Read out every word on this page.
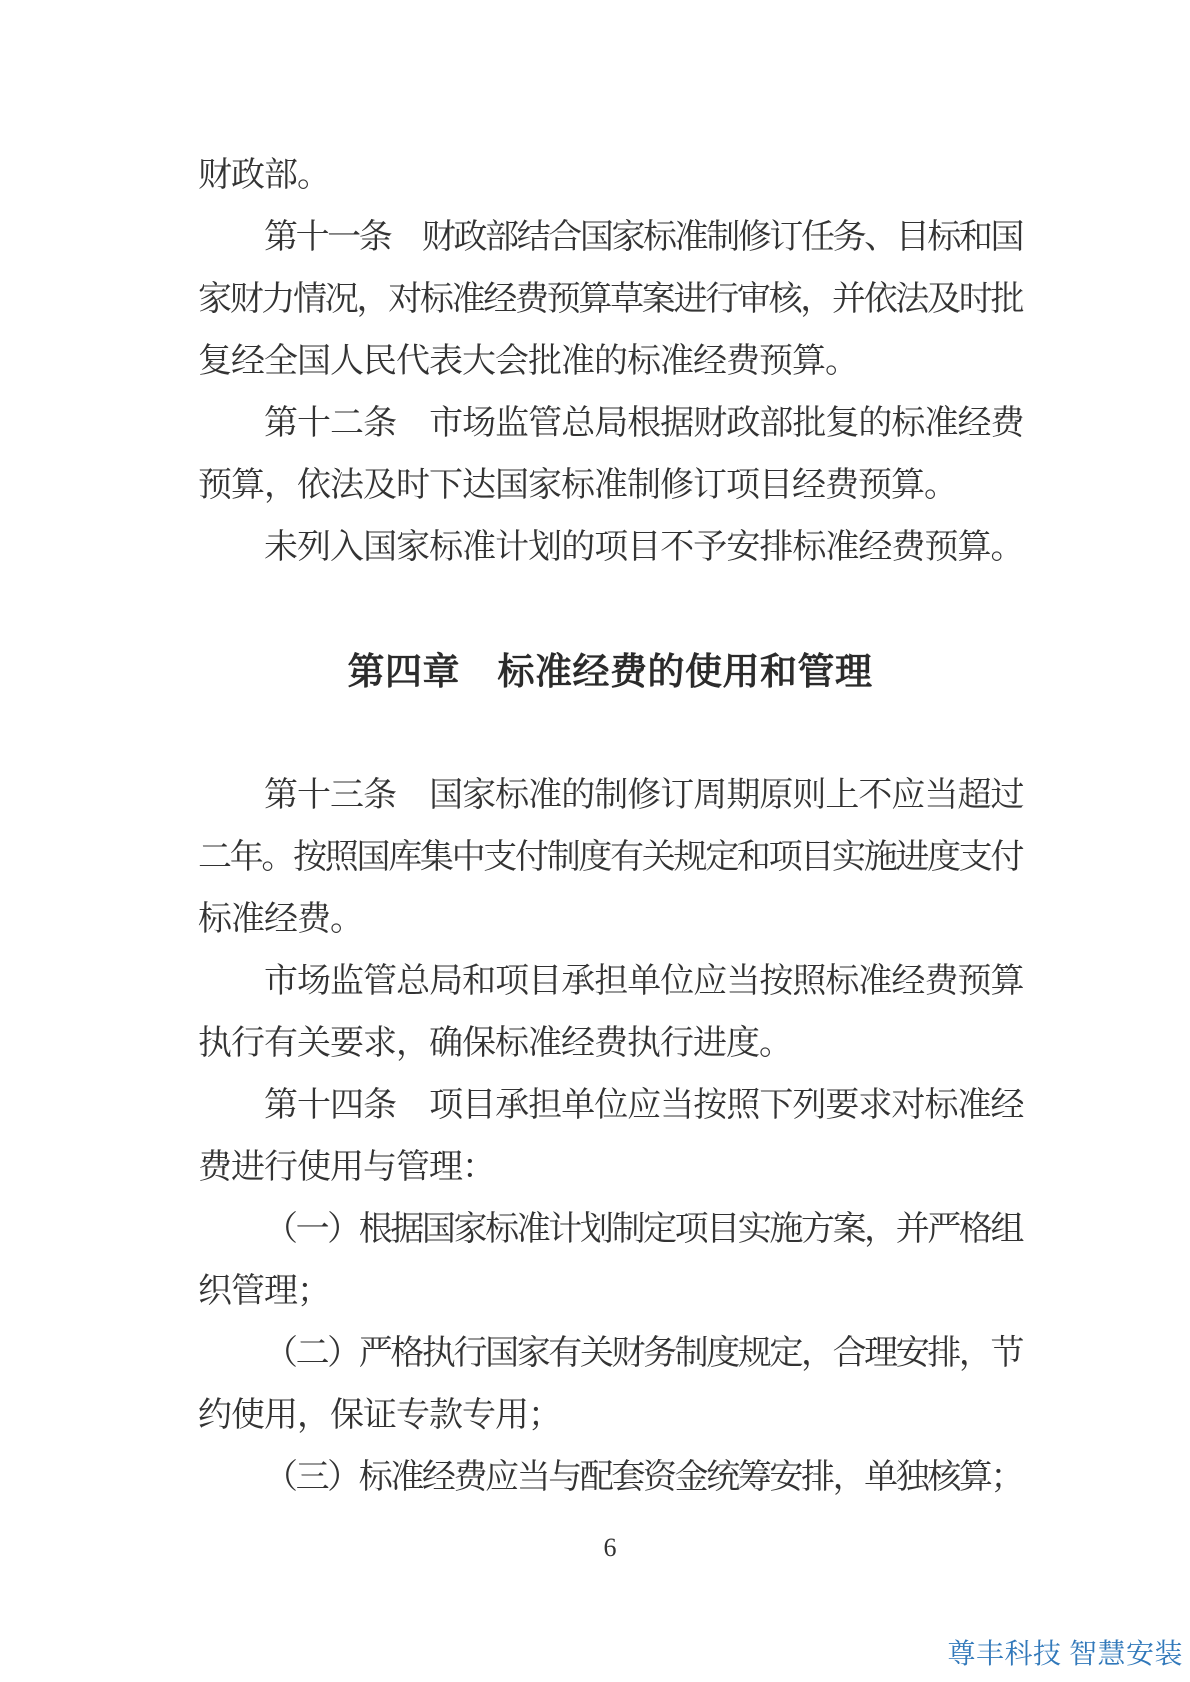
财政部。
第十一条　财政部结合国家标准制修订任务、目标和国
家财力情况，对标准经费预算草案进行审核，并依法及时批
复经全国人民代表大会批准的标准经费预算。
第十二条　市场监管总局根据财政部批复的标准经费
预算，依法及时下达国家标准制修订项目经费预算。
未列入国家标准计划的项目不予安排标准经费预算。
第四章　标准经费的使用和管理
第十三条　国家标准的制修订周期原则上不应当超过
二年。按照国库集中支付制度有关规定和项目实施进度支付
标准经费。
市场监管总局和项目承担单位应当按照标准经费预算
执行有关要求，确保标准经费执行进度。
第十四条　项目承担单位应当按照下列要求对标准经
费进行使用与管理：
（一）根据国家标准计划制定项目实施方案，并严格组
织管理；
（二）严格执行国家有关财务制度规定，合理安排，节
约使用，保证专款专用；
（三）标准经费应当与配套资金统筹安排，单独核算；
6
尊丰科技 智慧安装
